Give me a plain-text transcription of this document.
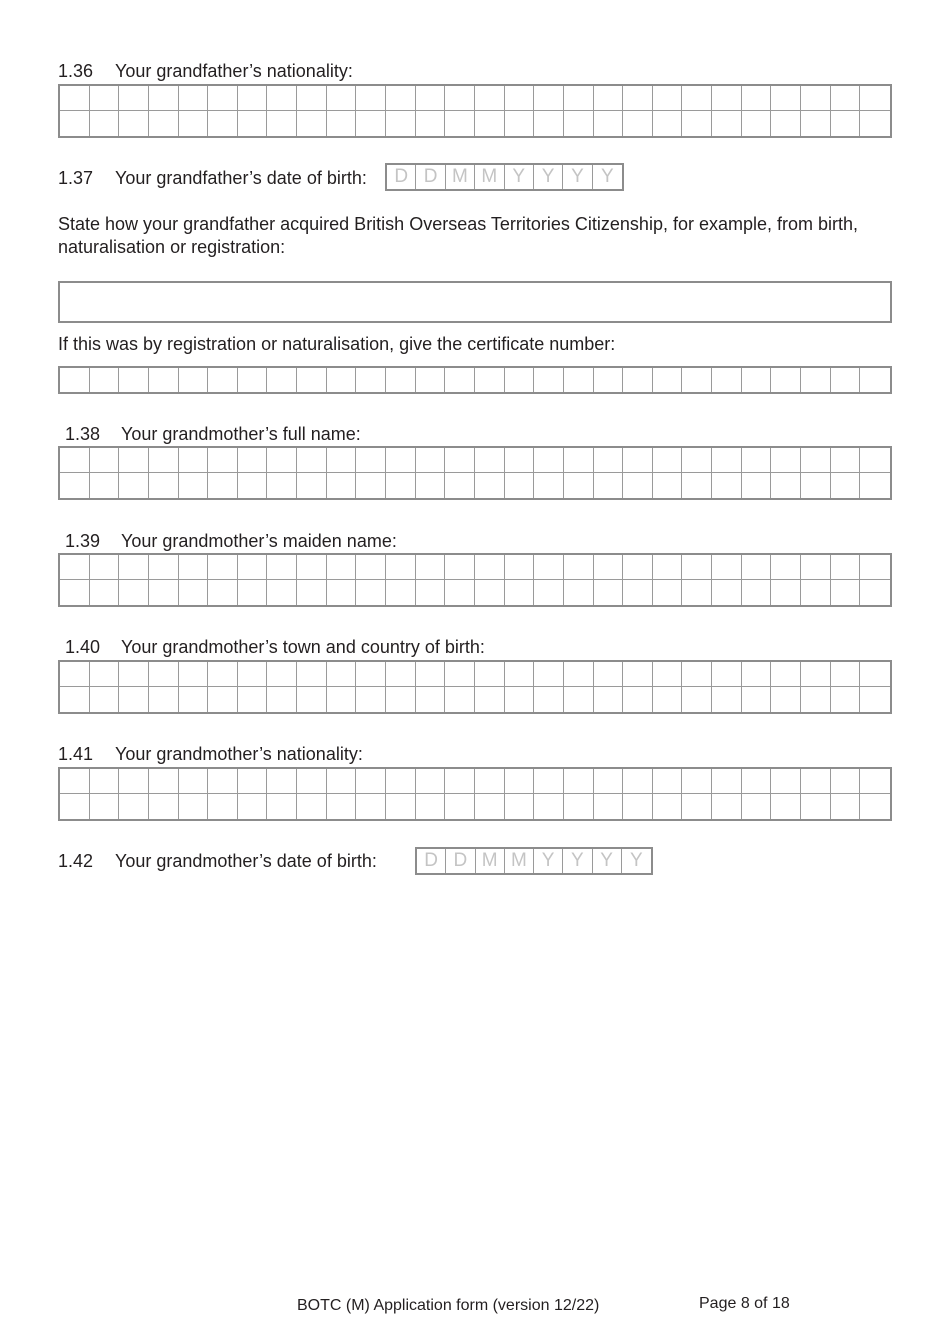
1.36 Your grandfather’s nationality:
1.37 Your grandfather’s date of birth:	D D M M Y Y Y Y
State how your grandfather acquired British Overseas Territories Citizenship, for example, from birth, naturalisation or registration:
If this was by registration or naturalisation, give the certificate number:
1.38 Your grandmother’s full name:
1.39 Your grandmother’s maiden name:
1.40 Your grandmother’s town and country of birth:
1.41 Your grandmother’s nationality:
1.42 Your grandmother’s date of birth:	D D M M Y Y Y Y
BOTC (M) Application form (version 12/22)	Page 8 of 18
